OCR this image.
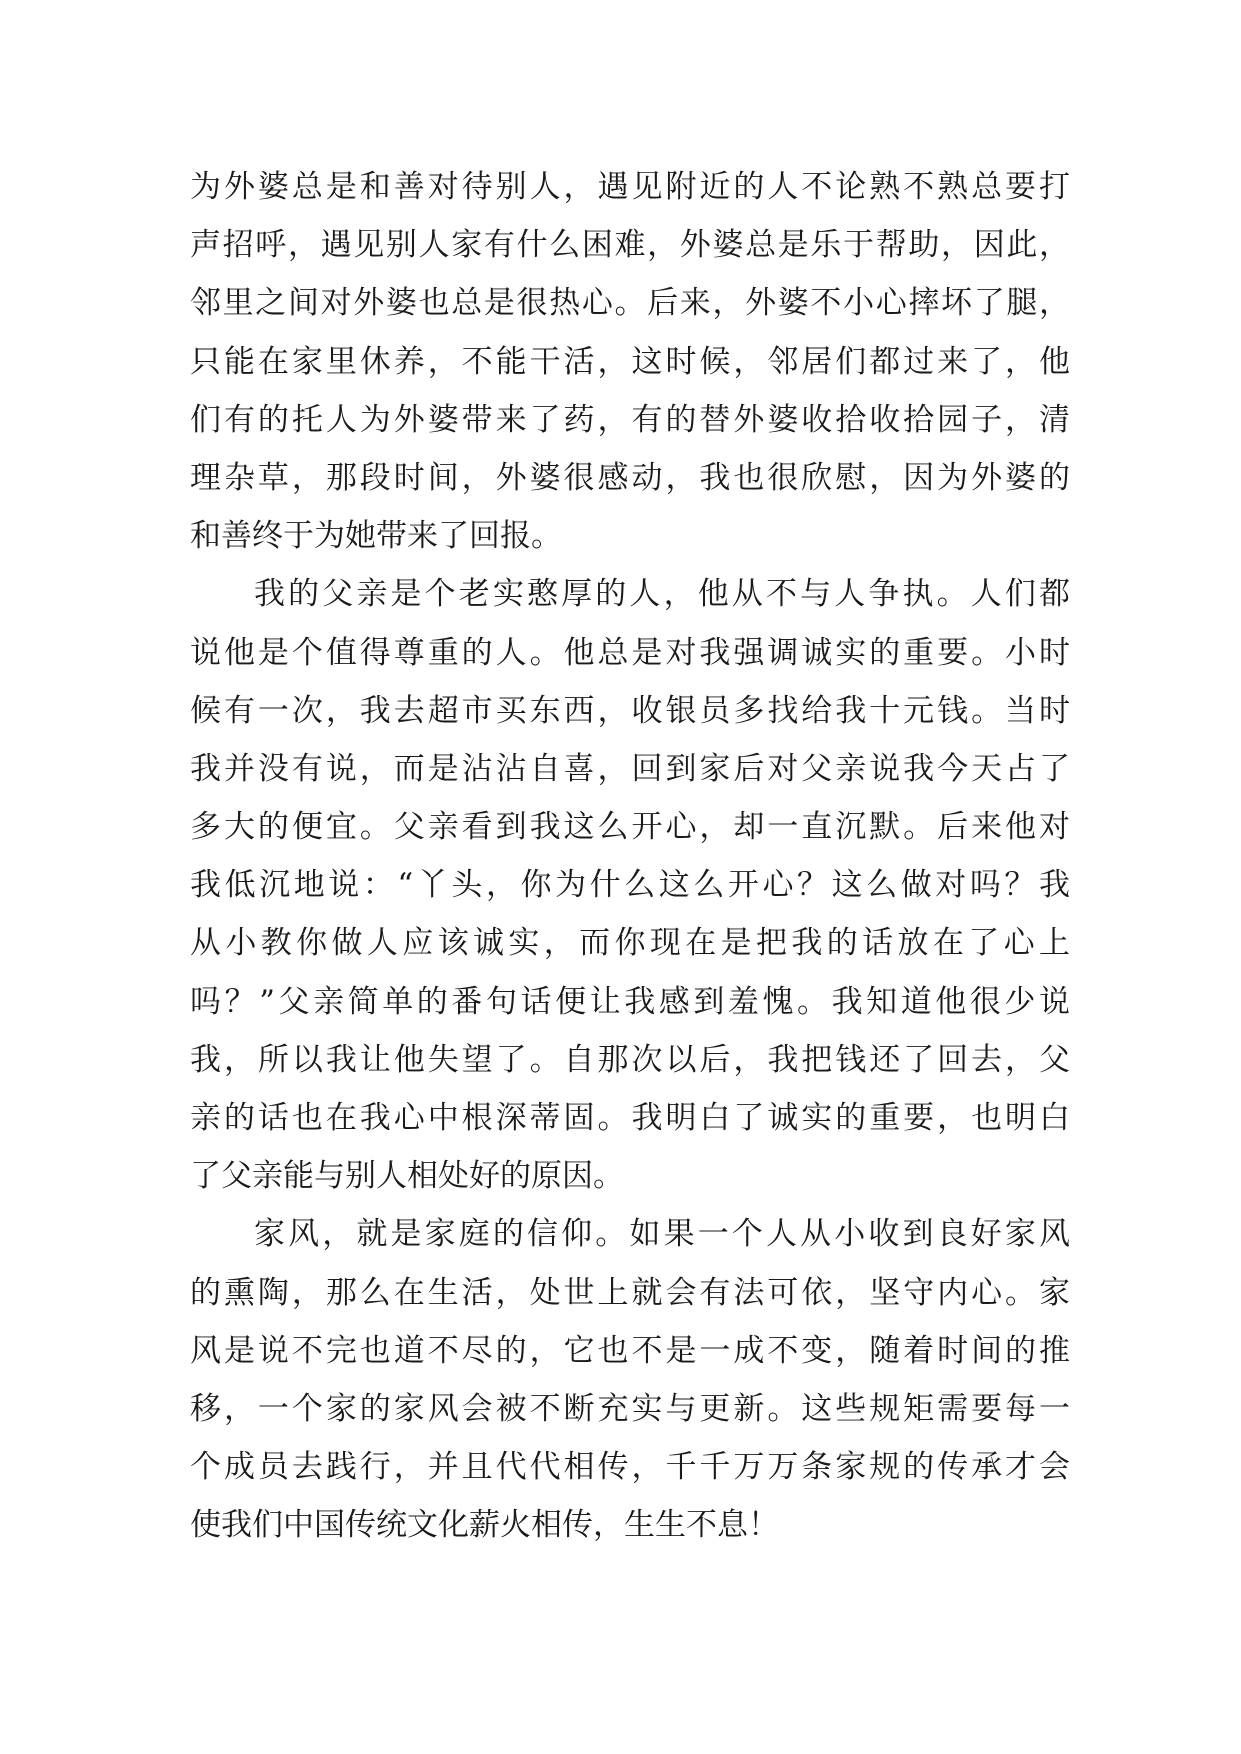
为外婆总是和善对待别人，遇见附近的人不论熟不熟总要打
声招呼，遇见别人家有什么困难，外婆总是乐于帮助，因此，
邻里之间对外婆也总是很热心。后来，外婆不小心摔坏了腿，
只能在家里休养，不能干活，这时候，邻居们都过来了，他
们有的托人为外婆带来了药，有的替外婆收拾收拾园子，清
理杂草，那段时间，外婆很感动，我也很欣慰，因为外婆的
和善终于为她带来了回报。
我的父亲是个老实憨厚的人，他从不与人争执。人们都
说他是个值得尊重的人。他总是对我强调诚实的重要。小时
候有一次，我去超市买东西，收银员多找给我十元钱。当时
我并没有说，而是沾沾自喜，回到家后对父亲说我今天占了
多大的便宜。父亲看到我这么开心，却一直沉默。后来他对
我低沉地说：“丫头，你为什么这么开心？这么做对吗？我
从小教你做人应该诚实，而你现在是把我的话放在了心上
吗？”父亲简单的番句话便让我感到羞愧。我知道他很少说
我，所以我让他失望了。自那次以后，我把钱还了回去，父
亲的话也在我心中根深蒂固。我明白了诚实的重要，也明白
了父亲能与别人相处好的原因。
家风，就是家庭的信仰。如果一个人从小收到良好家风
的熏陶，那么在生活，处世上就会有法可依，坚守内心。家
风是说不完也道不尽的，它也不是一成不变，随着时间的推
移，一个家的家风会被不断充实与更新。这些规矩需要每一
个成员去践行，并且代代相传，千千万万条家规的传承才会
使我们中国传统文化薪火相传，生生不息！
